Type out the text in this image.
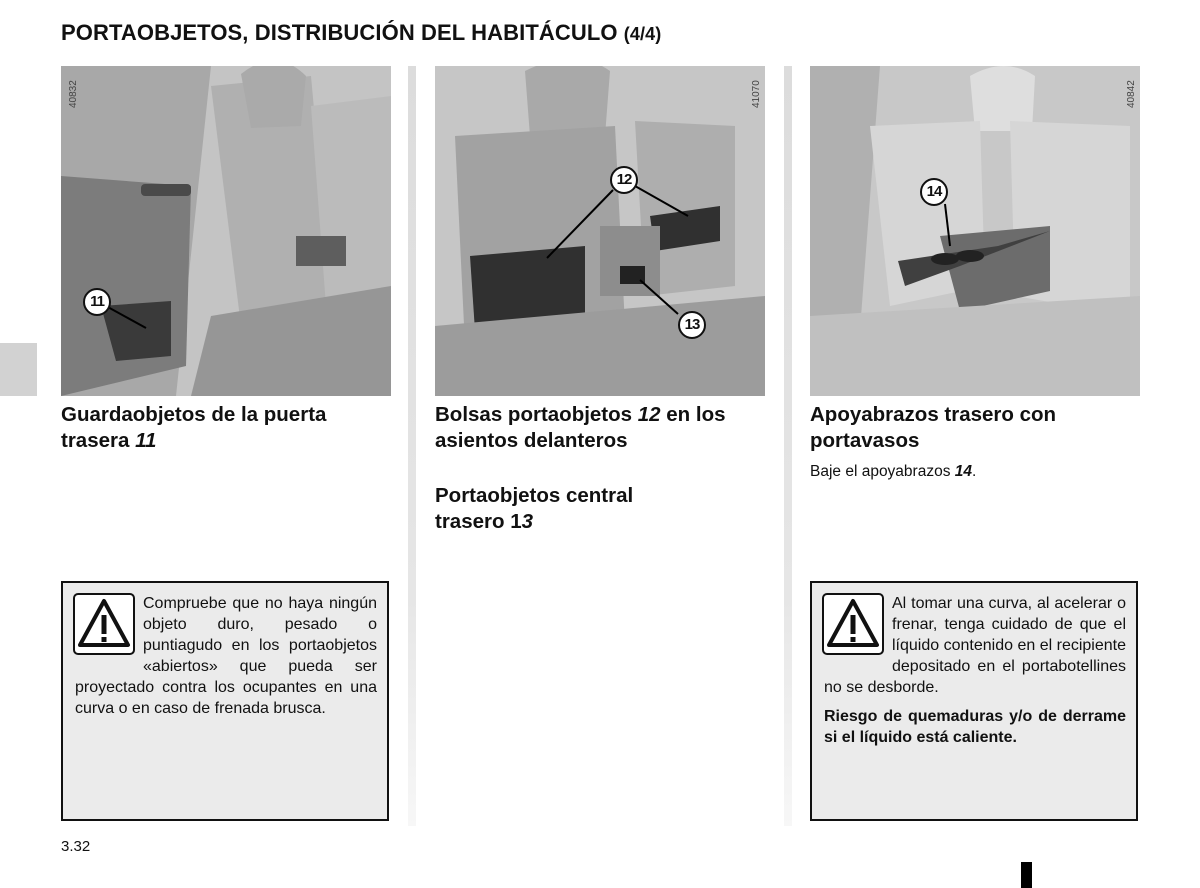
PORTAOBJETOS, DISTRIBUCIÓN DEL HABITÁCULO (4/4)
40832
11
41070
12
13
40842
14
Guardaobjetos de la puerta
trasera 11
Compruebe que no haya ningún objeto duro, pesado o puntiagudo en los portaobjetos «abiertos» que pueda ser proyectado contra los ocupantes en una curva o en caso de frenada brusca.
Bolsas portaobjetos 12 en los
asientos delanteros
Portaobjetos central
trasero 13
Apoyabrazos trasero con
portavasos
Baje el apoyabrazos 14.
Al tomar una curva, al acelerar o frenar, tenga cuidado de que el líquido contenido en el recipiente depositado en el portabotellines no se desborde.
Riesgo de quemaduras y/o de derrame si el líquido está caliente.
3.32
